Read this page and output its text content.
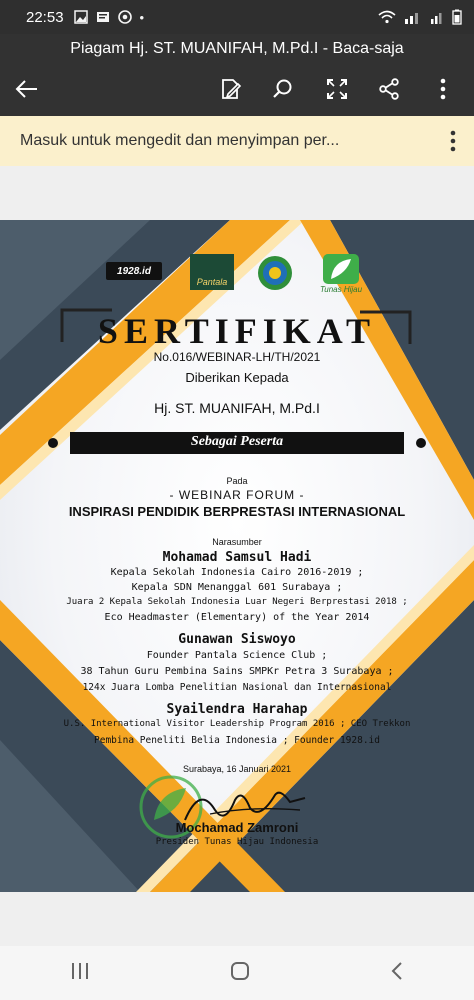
22:53	•
Piagam Hj. ST. MUANIFAH, M.Pd.I - Baca-saja
Masuk untuk mengedit dan menyimpan per...
1928.id
Pantala
Tunas Hijau
SERTIFIKAT
No.016/WEBINAR-LH/TH/2021
Diberikan Kepada
Hj. ST. MUANIFAH, M.Pd.I
Sebagai Peserta
Pada
- WEBINAR FORUM -
INSPIRASI PENDIDIK BERPRESTASI INTERNASIONAL
Narasumber
Mohamad Samsul Hadi
Kepala Sekolah Indonesia Cairo 2016-2019 ;
Kepala SDN Menanggal 601 Surabaya ;
Juara 2 Kepala Sekolah Indonesia Luar Negeri Berprestasi 2018 ;
Eco Headmaster (Elementary) of the Year 2014
Gunawan Siswoyo
Founder Pantala Science Club ;
38 Tahun Guru Pembina Sains SMPKr Petra 3 Surabaya ;
124x Juara Lomba Penelitian Nasional dan Internasional
Syailendra Harahap
U.S. International Visitor Leadership Program 2016 ; CEO Trekkon
Pembina Peneliti Belia Indonesia ; Founder 1928.id
Surabaya, 16 Januari 2021
Mochamad Zamroni
Presiden Tunas Hijau Indonesia
